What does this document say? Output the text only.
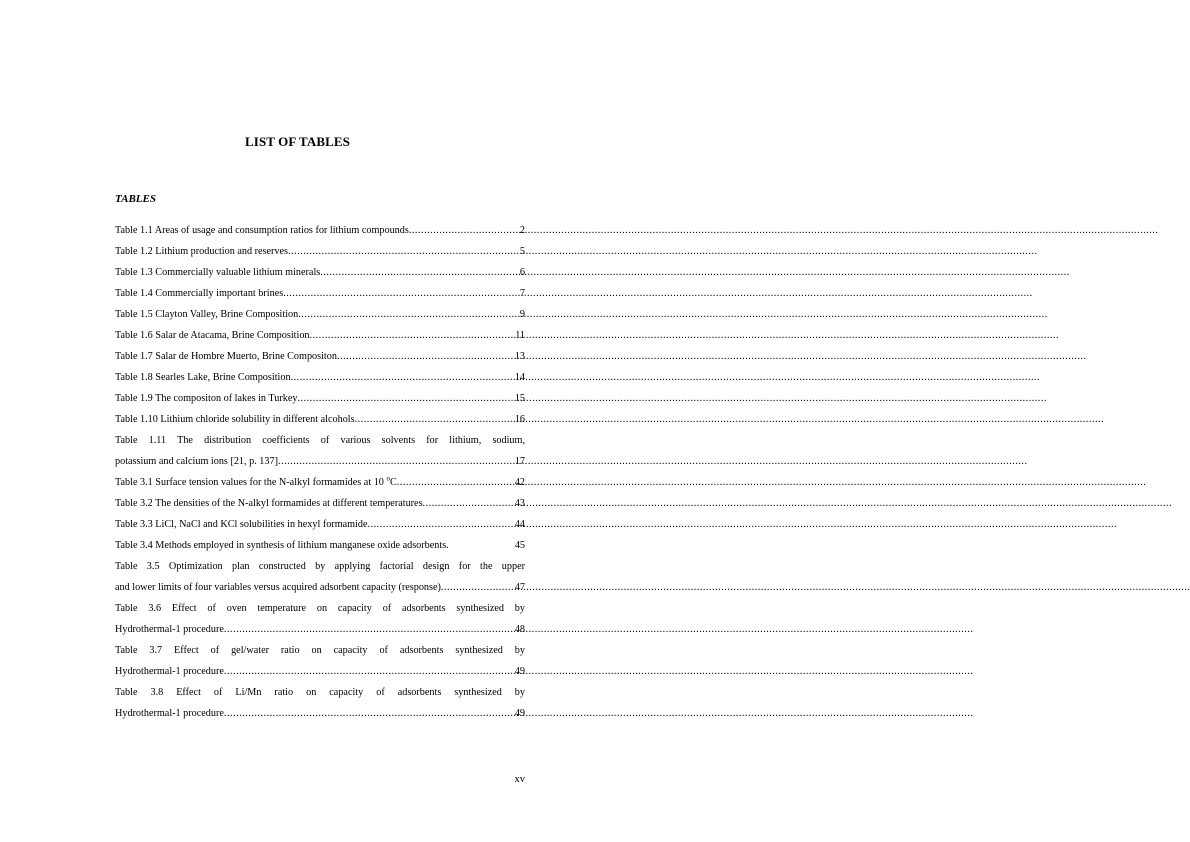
LIST OF TABLES
TABLES
Table 1.1 Areas of usage and consumption ratios for lithium compounds .....	2
Table 1.2 Lithium production and reserves .....	5
Table 1.3 Commercially valuable lithium minerals .....	6
Table 1.4 Commercially important brines .....	7
Table 1.5 Clayton Valley, Brine Composition .....	9
Table 1.6 Salar de Atacama, Brine Composition .....	11
Table 1.7 Salar de Hombre Muerto, Brine Compositon .....	13
Table 1.8 Searles Lake, Brine Composition .....	14
Table 1.9 The compositon of lakes in Turkey .....	15
Table 1.10 Lithium chloride solubility in different alcohols .....	16
Table 1.11 The distribution coefficients of various solvents for lithium, sodium,
potassium and calcium ions [21, p. 137] .....	17
Table 3.1 Surface tension values for the N-alkyl formamides at 10 $^o$C .....	42
Table 3.2 The densities of the N-alkyl formamides at different temperatures .....	43
Table 3.3 LiCl, NaCl and KCl solubilities in hexyl formamide .....	44
Table 3.4 Methods employed in synthesis of lithium manganese oxide adsorbents.	45
Table 3.5 Optimization plan constructed by applying factorial design for the upper
and lower limits of four variables versus acquired adsorbent capacity (response) .....	47
Table 3.6 Effect of oven temperature on capacity of adsorbents synthesized by
Hydrothermal-1 procedure .....	48
Table 3.7 Effect of gel/water ratio on capacity of adsorbents synthesized by
Hydrothermal-1 procedure .....	49
Table 3.8 Effect of Li/Mn ratio on capacity of adsorbents synthesized by
Hydrothermal-1 procedure .....	49
xv
